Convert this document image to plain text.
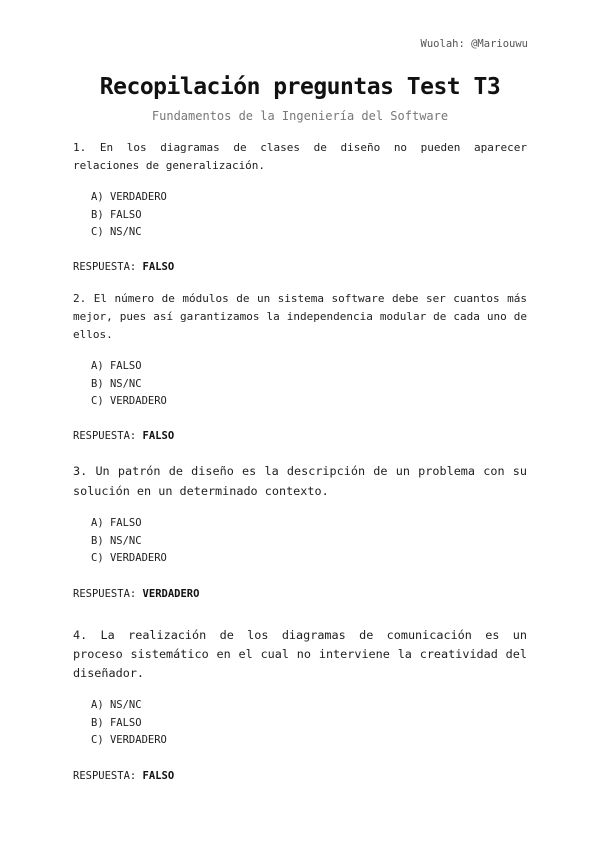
Wuolah: @Mariouwu
Recopilación preguntas Test T3
Fundamentos de la Ingeniería del Software

1. En los diagramas de clases de diseño no pueden aparecer relaciones de generalización.

A) VERDADERO
B) FALSO
C) NS/NC
RESPUESTA: FALSO

2. El número de módulos de un sistema software debe ser cuantos más mejor, pues así garantizamos la independencia modular de cada uno de ellos.

A) FALSO
B) NS/NC
C) VERDADERO
RESPUESTA: FALSO

3. Un patrón de diseño es la descripción de un problema con su solución en un determinado contexto.

A) FALSO
B) NS/NC
C) VERDADERO
RESPUESTA: VERDADERO

4. La realización de los diagramas de comunicación es un proceso sistemático en el cual no interviene la creatividad del diseñador.

A) NS/NC
B) FALSO
C) VERDADERO
RESPUESTA: FALSO
